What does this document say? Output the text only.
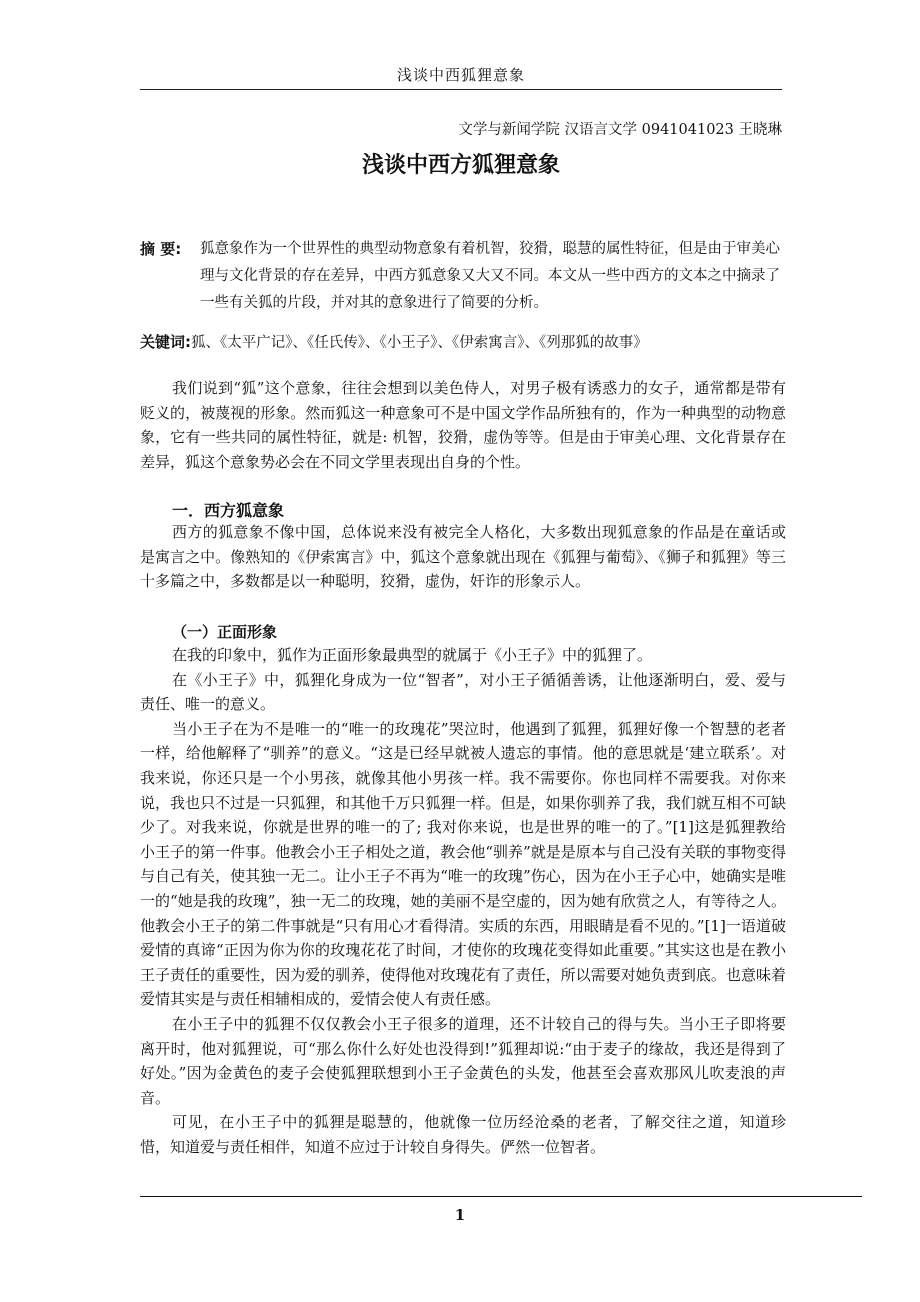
浅谈中西狐狸意象
文学与新闻学院 汉语言文学 0941041023 王晓琳
浅谈中西方狐狸意象
摘 要: 狐意象作为一个世界性的典型动物意象有着机智，狡猾，聪慧的属性特征，但是由于审美心理与文化背景的存在差异，中西方狐意象又大又不同。本文从一些中西方的文本之中摘录了一些有关狐的片段，并对其的意象进行了简要的分析。
关键词:狐、《太平广记》、《任氏传》、《小王子》、《伊索寓言》、《列那狐的故事》

我们说到“狐”这个意象，往往会想到以美色侍人，对男子极有诱惑力的女子，通常都是带有贬义的，被蔑视的形象。然而狐这一种意象可不是中国文学作品所独有的，作为一种典型的动物意象，它有一些共同的属性特征，就是: 机智，狡猾，虚伪等等。但是由于审美心理、文化背景存在差异，狐这个意象势必会在不同文学里表现出自身的个性。

一．西方狐意象

西方的狐意象不像中国，总体说来没有被完全人格化，大多数出现狐意象的作品是在童话或是寓言之中。像熟知的《伊索寓言》中，狐这个意象就出现在《狐狸与葡萄》、《狮子和狐狸》等三十多篇之中，多数都是以一种聪明，狡猾，虚伪，奸诈的形象示人。

（一）正面形象

在我的印象中，狐作为正面形象最典型的就属于《小王子》中的狐狸了。

在《小王子》中，狐狸化身成为一位“智者”，对小王子循循善诱，让他逐渐明白，爱、爱与责任、唯一的意义。

当小王子在为不是唯一的“唯一的玫瑰花”哭泣时，他遇到了狐狸，狐狸好像一个智慧的老者一样，给他解释了“驯养”的意义。“这是已经早就被人遗忘的事情。他的意思就是‘建立联系’。对我来说，你还只是一个小男孩，就像其他小男孩一样。我不需要你。你也同样不需要我。对你来说，我也只不过是一只狐狸，和其他千万只狐狸一样。但是，如果你驯养了我，我们就互相不可缺少了。对我来说，你就是世界的唯一的了; 我对你来说，也是世界的唯一的了。”[1]这是狐狸教给小王子的第一件事。他教会小王子相处之道，教会他“驯养”就是是原本与自己没有关联的事物变得与自己有关，使其独一无二。让小王子不再为“唯一的玫瑰”伤心，因为在小王子心中，她确实是唯一的“她是我的玫瑰”，独一无二的玫瑰，她的美丽不是空虚的，因为她有欣赏之人，有等待之人。他教会小王子的第二件事就是“只有用心才看得清。实质的东西，用眼睛是看不见的。”[1]一语道破爱情的真谛“正因为你为你的玫瑰花花了时间，才使你的玫瑰花变得如此重要。”其实这也是在教小王子责任的重要性，因为爱的驯养，使得他对玫瑰花有了责任，所以需要对她负责到底。也意味着爱情其实是与责任相辅相成的，爱情会使人有责任感。

在小王子中的狐狸不仅仅教会小王子很多的道理，还不计较自己的得与失。当小王子即将要离开时，他对狐狸说，可“那么你什么好处也没得到!”狐狸却说:“由于麦子的缘故，我还是得到了好处。”因为金黄色的麦子会使狐狸联想到小王子金黄色的头发，他甚至会喜欢那风儿吹麦浪的声音。

可见，在小王子中的狐狸是聪慧的，他就像一位历经沧桑的老者，了解交往之道，知道珍惜，知道爱与责任相伴，知道不应过于计较自身得失。俨然一位智者。

1
